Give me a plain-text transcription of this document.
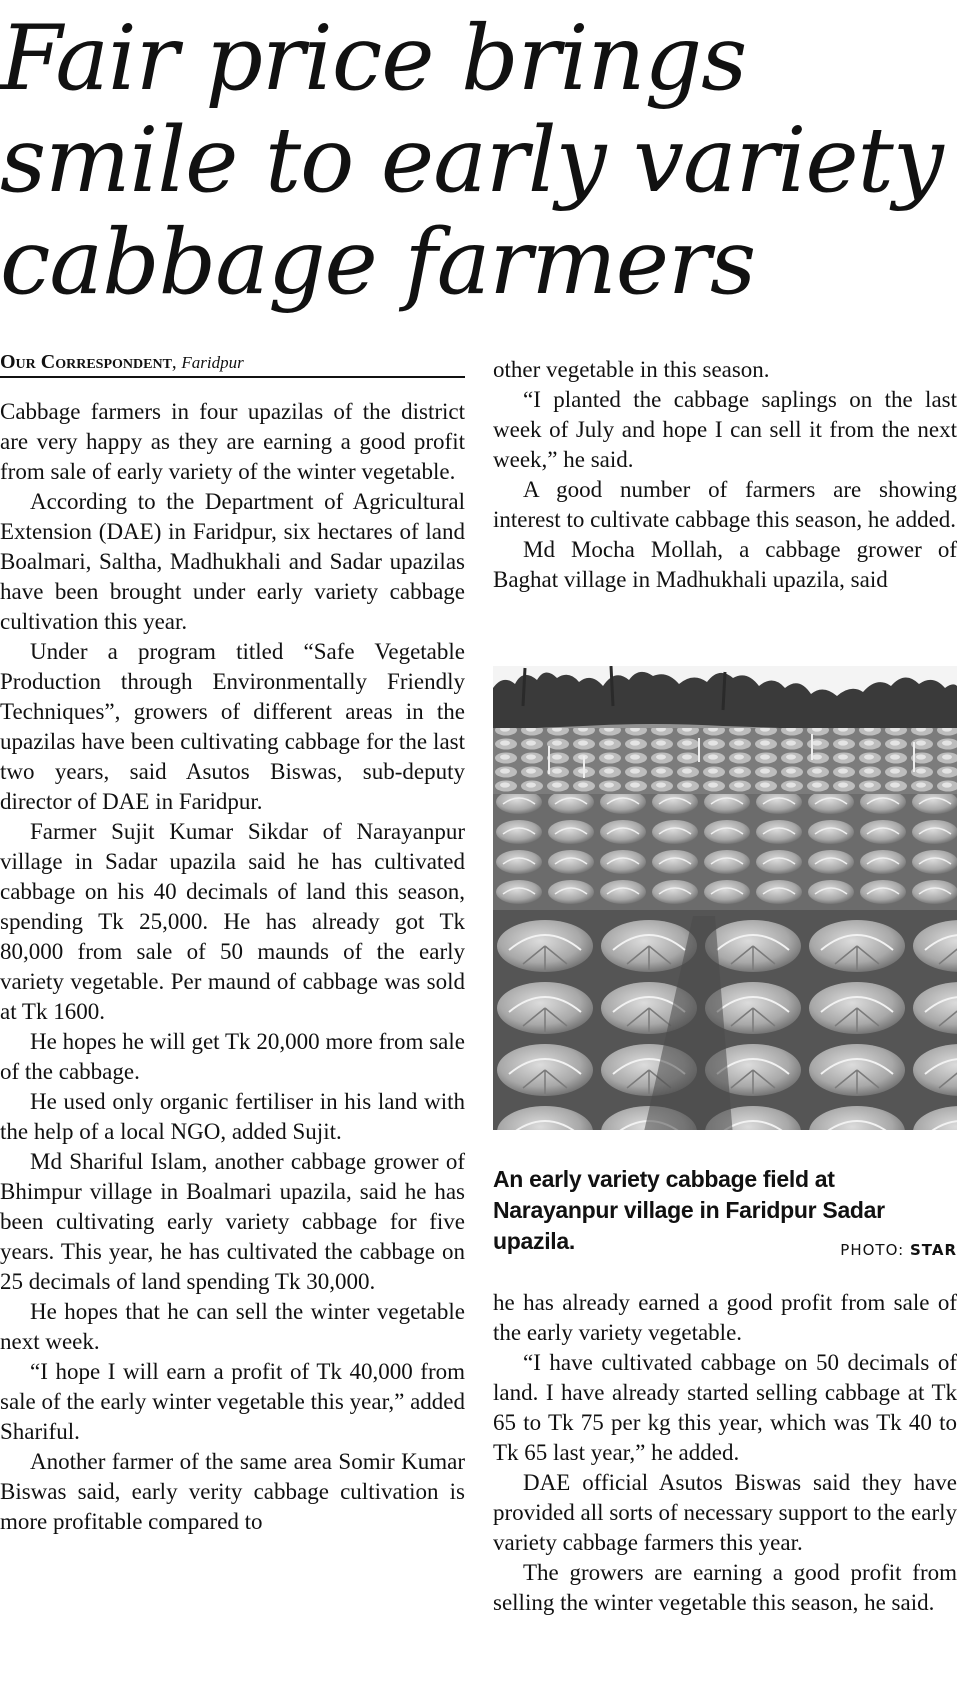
Fair price brings smile to early variety cabbage farmers
Our Correspondent, Faridpur

Cabbage farmers in four upazilas of the district are very happy as they are earning a good profit from sale of early variety of the winter vegetable.

According to the Department of Agricultural Extension (DAE) in Faridpur, six hectares of land Boalmari, Saltha, Madhukhali and Sadar upazilas have been brought under early variety cabbage cultivation this year.

Under a program titled “Safe Vegetable Production through Environmentally Friendly Techniques”, growers of different areas in the upazilas have been cultivating cabbage for the last two years, said Asutos Biswas, sub-deputy director of DAE in Faridpur.

Farmer Sujit Kumar Sikdar of Narayanpur village in Sadar upazila said he has cultivated cabbage on his 40 decimals of land this season, spending Tk 25,000. He has already got Tk 80,000 from sale of 50 maunds of the early variety vegetable. Per maund of cabbage was sold at Tk 1600.

He hopes he will get Tk 20,000 more from sale of the cabbage.

He used only organic fertiliser in his land with the help of a local NGO, added Sujit.

Md Shariful Islam, another cabbage grower of Bhimpur village in Boalmari upazila, said he has been cultivating early variety cabbage for five years. This year, he has cultivated the cabbage on 25 decimals of land spending Tk 30,000.

He hopes that he can sell the winter vegetable next week.

“I hope I will earn a profit of Tk 40,000 from sale of the early winter vegetable this year,” added Shariful.

Another farmer of the same area Somir Kumar Biswas said, early verity cabbage cultivation is more profitable compared to

other vegetable in this season.

“I planted the cabbage saplings on the last week of July and hope I can sell it from the next week,” he said.

A good number of farmers are showing interest to cultivate cabbage this season, he added.

Md Mocha Mollah, a cabbage grower of Baghat village in Madhukhali upazila, said

An early variety cabbage field at Narayanpur village in Faridpur Sadar upazila.	PHOTO: STAR

he has already earned a good profit from sale of the early variety vegetable.

“I have cultivated cabbage on 50 decimals of land. I have already started selling cabbage at Tk 65 to Tk 75 per kg this year, which was Tk 40 to Tk 65 last year,” he added.

DAE official Asutos Biswas said they have provided all sorts of necessary support to the early variety cabbage farmers this year.

The growers are earning a good profit from selling the winter vegetable this season, he said.
